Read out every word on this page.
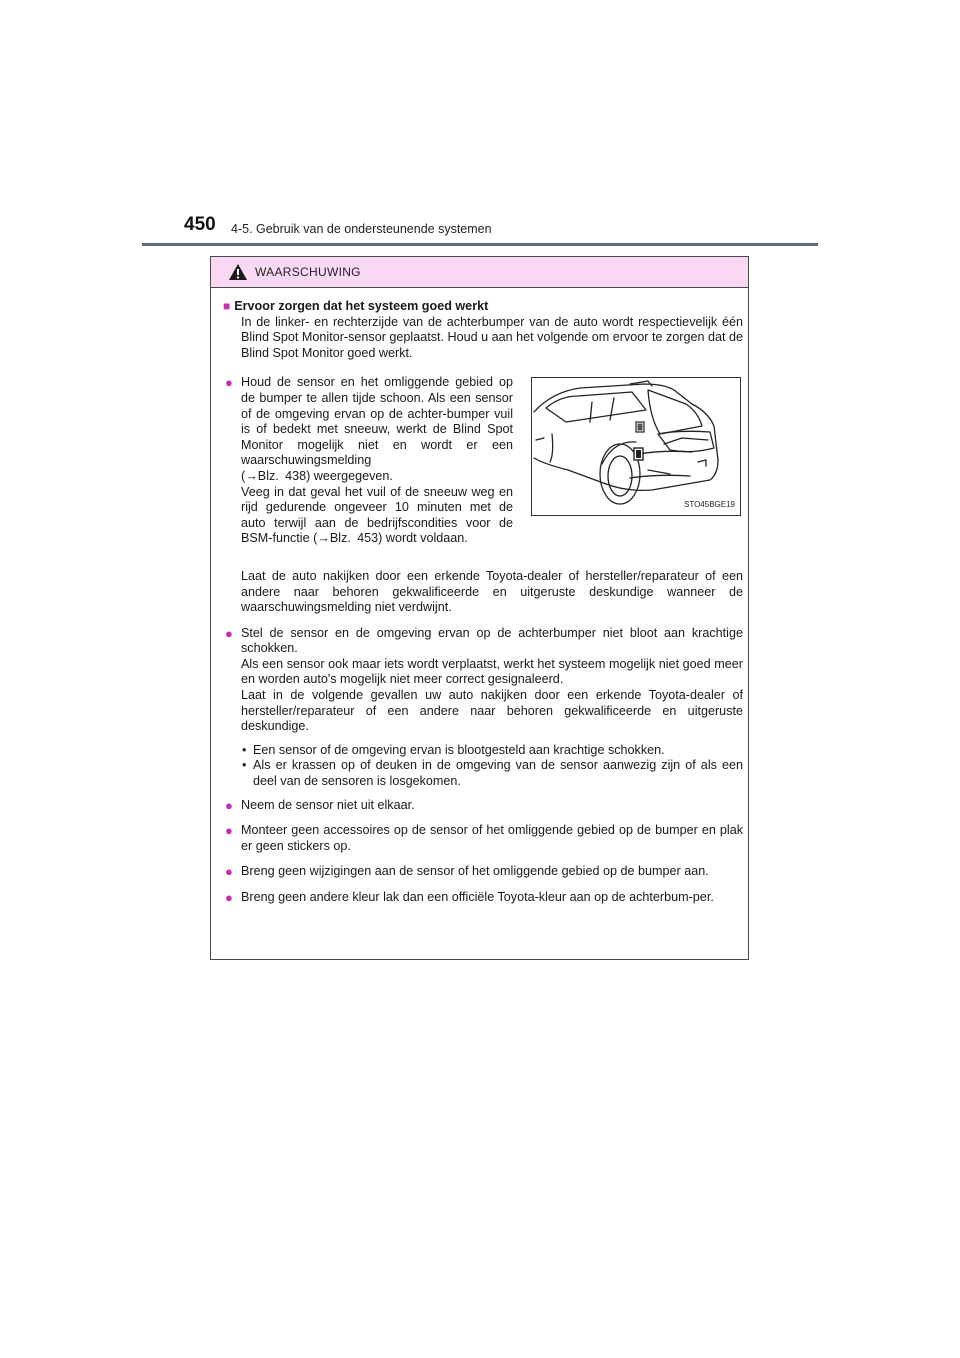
450 4-5. Gebruik van de ondersteunende systemen
WAARSCHUWING

■ Ervoor zorgen dat het systeem goed werkt

In de linker- en rechterzijde van de achterbumper van de auto wordt respectievelijk één Blind Spot Monitor-sensor geplaatst. Houd u aan het volgende om ervoor te zorgen dat de Blind Spot Monitor goed werkt.

● Houd de sensor en het omliggende gebied op de bumper te allen tijde schoon. Als een sensor of de omgeving ervan op de achter-bumper vuil is of bedekt met sneeuw, werkt de Blind Spot Monitor mogelijk niet en wordt er een waarschuwingsmelding

(→Blz. 438) weergegeven.

Veeg in dat geval het vuil of de sneeuw weg en rijd gedurende ongeveer 10 minuten met de auto terwijl aan de bedrijfscondities voor de BSM-functie (→Blz. 453) wordt voldaan.

STO45BGE19

Laat de auto nakijken door een erkende Toyota-dealer of hersteller/reparateur of een andere naar behoren gekwalificeerde en uitgeruste deskundige wanneer de waarschuwingsmelding niet verdwijnt.

● Stel de sensor en de omgeving ervan op de achterbumper niet bloot aan krachtige schokken.

Als een sensor ook maar iets wordt verplaatst, werkt het systeem mogelijk niet goed meer en worden auto's mogelijk niet meer correct gesignaleerd.

Laat in de volgende gevallen uw auto nakijken door een erkende Toyota-dealer of hersteller/reparateur of een andere naar behoren gekwalificeerde en uitgeruste deskundige.

• Een sensor of de omgeving ervan is blootgesteld aan krachtige schokken.

• Als er krassen op of deuken in de omgeving van de sensor aanwezig zijn of als een deel van de sensoren is losgekomen.

● Neem de sensor niet uit elkaar.

● Monteer geen accessoires op de sensor of het omliggende gebied op de bumper en plak er geen stickers op.

● Breng geen wijzigingen aan de sensor of het omliggende gebied op de bumper aan.

● Breng geen andere kleur lak dan een officiële Toyota-kleur aan op de achterbum-per.
